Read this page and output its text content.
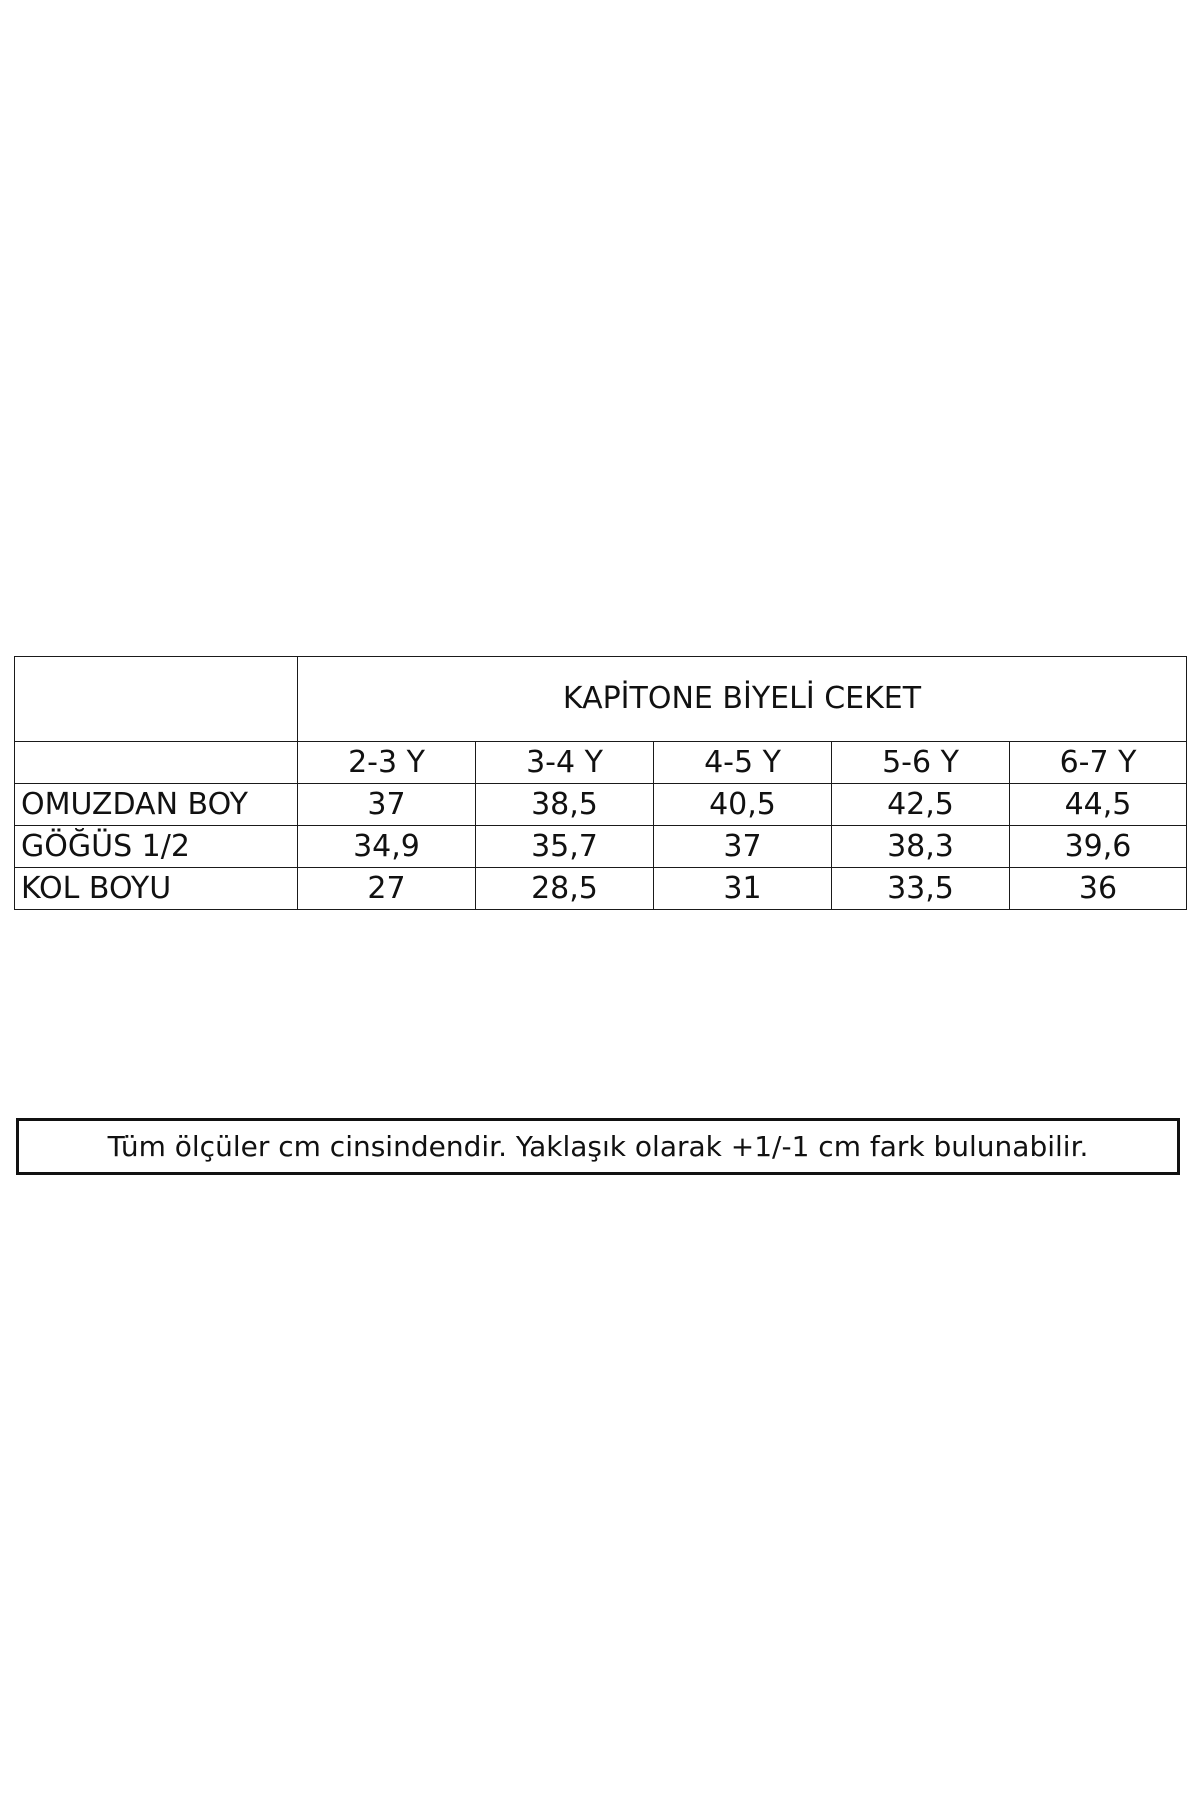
	KAPİTONE BİYELİ CEKET				
	2-3 Y	3-4 Y	4-5 Y	5-6 Y	6-7 Y
OMUZDAN BOY	37	38,5	40,5	42,5	44,5
GÖĞÜS 1/2	34,9	35,7	37	38,3	39,6
KOL BOYU	27	28,5	31	33,5	36
Tüm ölçüler cm cinsindendir. Yaklaşık olarak +1/-1 cm fark bulunabilir.
